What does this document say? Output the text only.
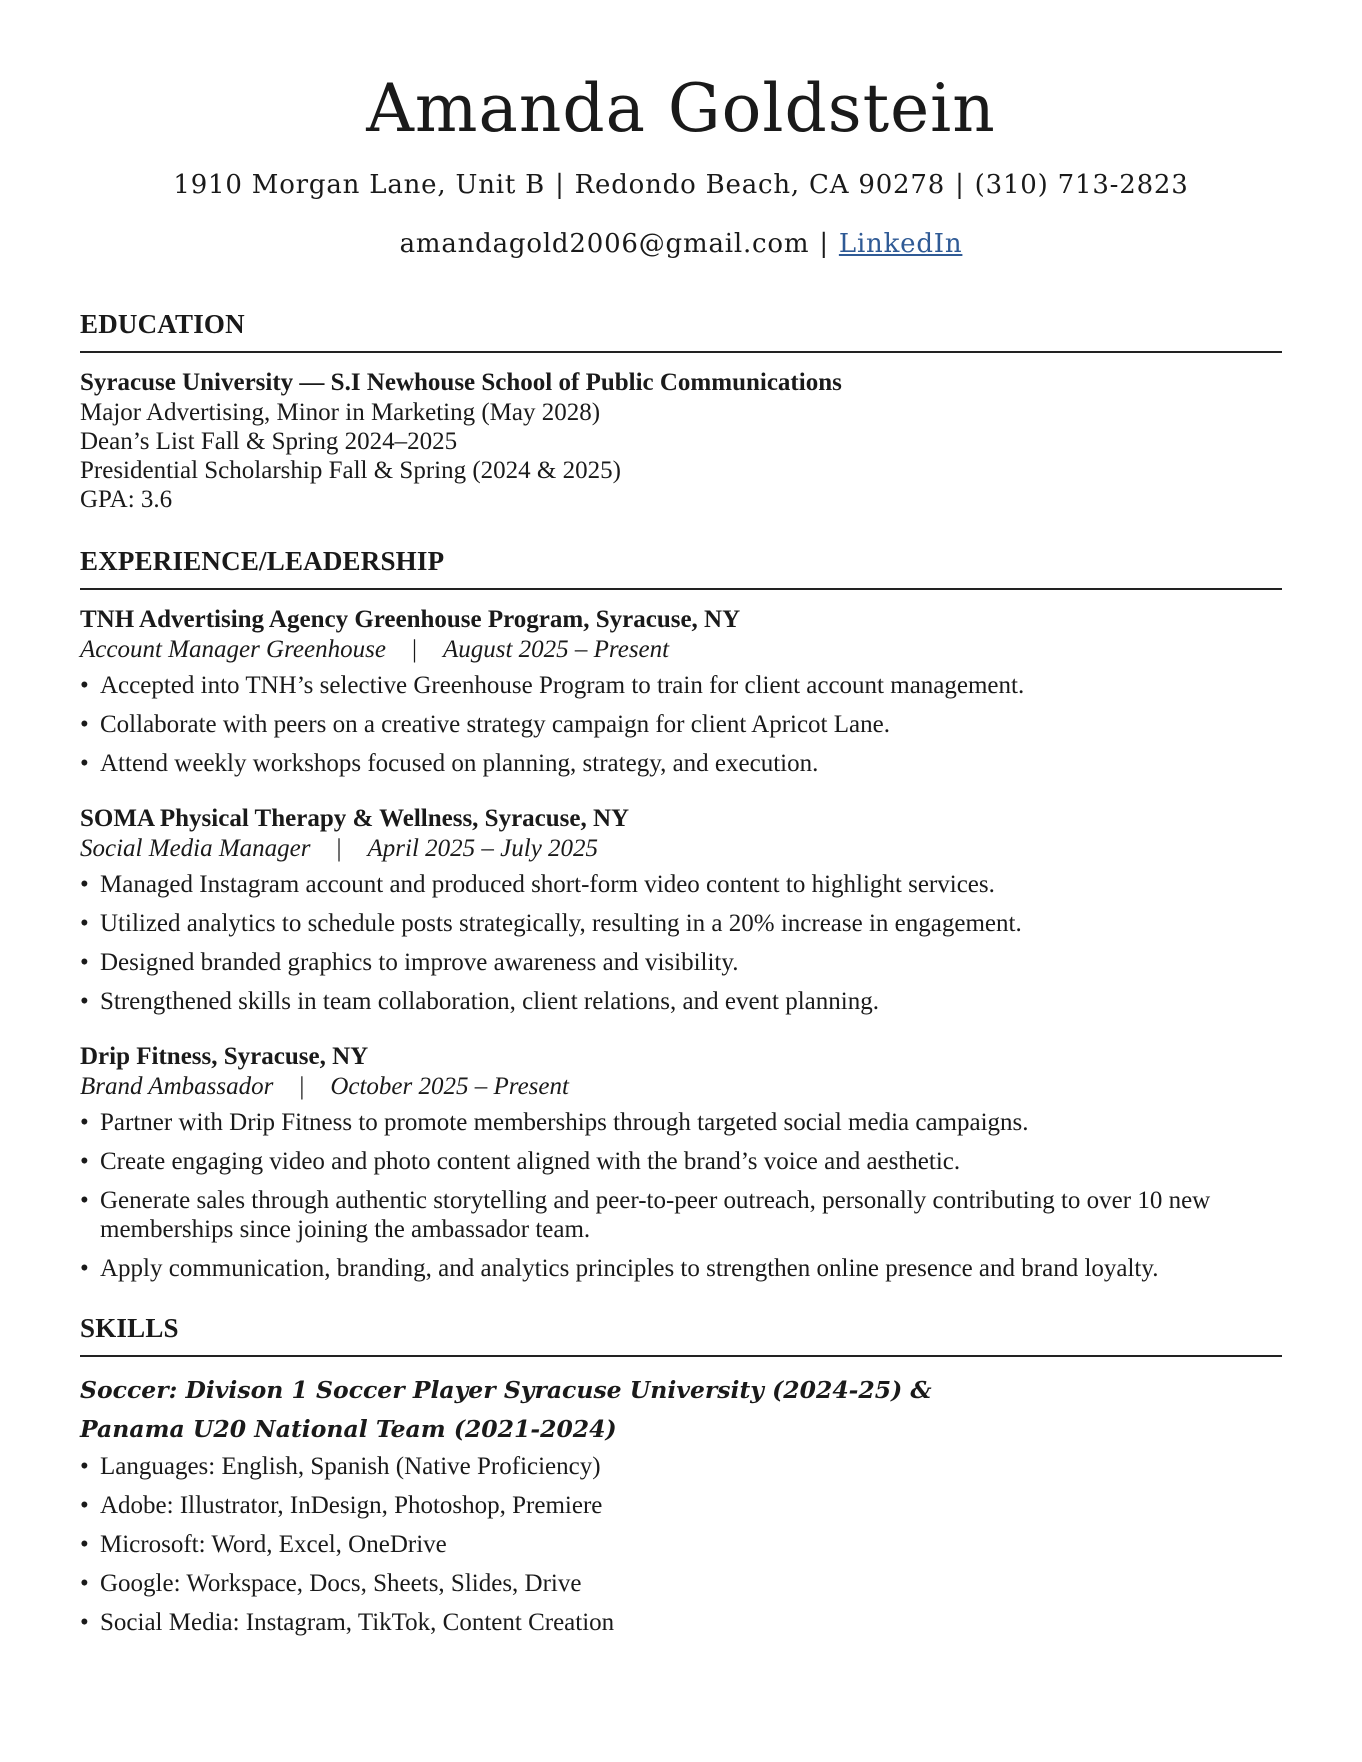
Amanda Goldstein

1910 Morgan Lane, Unit B | Redondo Beach, CA 90278 | (310) 713-2823

amandagold2006@gmail.com | LinkedIn

EDUCATION

Syracuse University — S.I Newhouse School of Public Communications

Major Advertising, Minor in Marketing (May 2028)

Dean’s List Fall & Spring 2024–2025

Presidential Scholarship Fall & Spring (2024 & 2025)

GPA: 3.6

EXPERIENCE/LEADERSHIP

TNH Advertising Agency Greenhouse Program, Syracuse, NY

Account Manager Greenhouse | August 2025 – Present

• Accepted into TNH’s selective Greenhouse Program to train for client account management.
• Collaborate with peers on a creative strategy campaign for client Apricot Lane.
• Attend weekly workshops focused on planning, strategy, and execution.

SOMA Physical Therapy & Wellness, Syracuse, NY

Social Media Manager | April 2025 – July 2025

• Managed Instagram account and produced short-form video content to highlight services.
• Utilized analytics to schedule posts strategically, resulting in a 20% increase in engagement.
• Designed branded graphics to improve awareness and visibility.
• Strengthened skills in team collaboration, client relations, and event planning.

Drip Fitness, Syracuse, NY

Brand Ambassador | October 2025 – Present

• Partner with Drip Fitness to promote memberships through targeted social media campaigns.
• Create engaging video and photo content aligned with the brand’s voice and aesthetic.
• Generate sales through authentic storytelling and peer-to-peer outreach, personally contributing to over 10 new memberships since joining the ambassador team.
• Apply communication, branding, and analytics principles to strengthen online presence and brand loyalty.
SKILLS

Soccer: Divison 1 Soccer Player Syracuse University (2024-25) &

Panama U20 National Team (2021-2024)

• Languages: English, Spanish (Native Proficiency)
• Adobe: Illustrator, InDesign, Photoshop, Premiere
• Microsoft: Word, Excel, OneDrive
• Google: Workspace, Docs, Sheets, Slides, Drive
• Social Media: Instagram, TikTok, Content Creation
